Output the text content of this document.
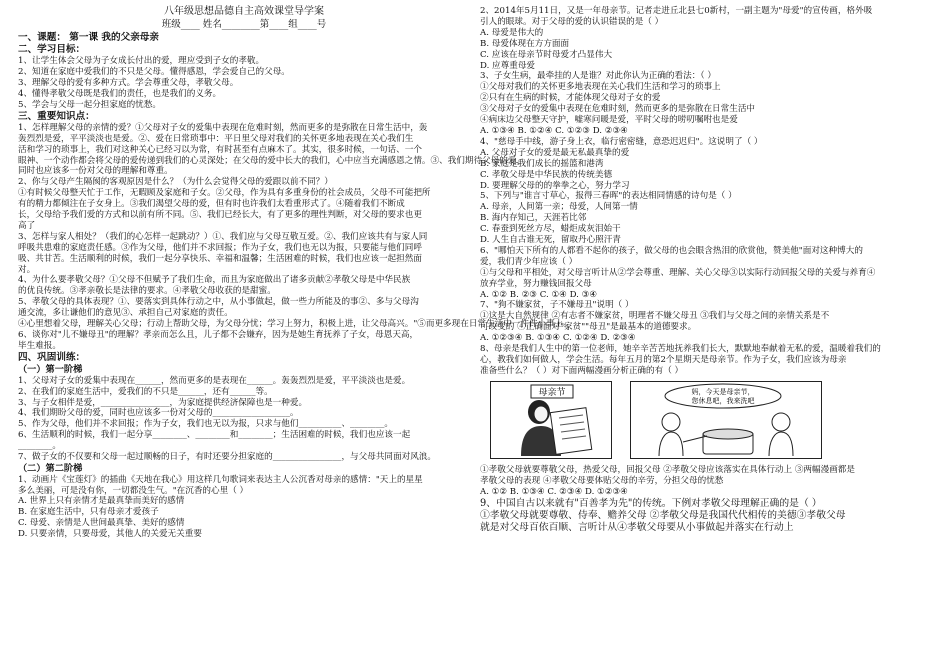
八年级思想品德自主高效课堂导学案
班级____ 姓名________第____组____号
一、课题： 第一课 我的父亲母亲
二、学习目标：
1、让学生体会父母为子女成长付出的爱，理应受到子女的孝敬。
2、知道在家庭中爱我们的不只是父母。懂得感恩，学会爱自己的父母。
3、理解父母的爱有多种方式。学会尊重父母，孝敬父母。
4、懂得孝敬父母既是我们的责任，也是我们的义务。
5、学会与父母一起分担家庭的忧愁。
三、重要知识点：
1、怎样理解父母的亲情的爱？①父母对子女的爱集中表现在危难时刻，然而更多的是弥散在日常生活中，轰
轰烈烈是爱，平平淡淡也是爱。②、爱在日常琐事中：平日里父母对我们的关怀更多地表现在关心我们生
活和学习的琐事上，我们对这种关心已经习以为常，有时甚至有点麻木了。其实，很多时候，一句话、一个
眼神、一个动作都会将父母的爱传递到我们的心灵深处；在父母的爱中长大的我们，心中应当充满感恩之情。③、我们期待父母的爱，
同时也应该多一份对父母的理解和尊重。
2、你与父母产生隔阂的客观原因是什么？（为什么会觉得父母的爱跟以前不同？）
①有时候父母整天忙于工作，无暇顾及家庭和子女。②父母，作为具有多重身份的社会成员，父母不可能把所
有的精力都倾注在子女身上。③我们渴望父母的爱，但有时也许我们太看重形式了。④随着我们不断成
长，父母给予我们爱的方式和以前有所不同。⑤、我们已经长大，有了更多的理性判断，对父母的要求也更
高了
3、怎样与家人相处？（我们的心怎样一起跳动？）①、我们应与父母互敬互爱。②、我们应该共有与家人同
呼吸共患难的家庭责任感。③作为父母，他们并不求回报；作为子女，我们也无以为报，只要能与他们同呼
吸、共甘苦。生活顺利的时候，我们一起分享快乐、幸福和温馨；生活困难的时候，我们也应该一起担然面
对。
4、为什么要孝敬父母？①父母不但赋予了我们生命，而且为家庭做出了诸多贡献②孝敬父母是中华民族
的优良传统。③孝亲敬长是法律的要求。④孝敬父母收获的是甜蜜。
5、孝敬父母的具体表现？①、要落实到具体行动之中，从小事做起，做一些力所能及的事②、多与父母沟
通交流，多让谦他们的意见③、承担自己对家庭的责任。
④心里想着父母，理解关心父母；行动上帮助父母，为父母分忧；学习上努力，积极上进，让父母高兴。"⑤而更多现在日常生活中一件件小事上。
6、谈你对"儿不嫌母丑"的理解？孝亲而怎么且，儿子都不会嫌弃，因为是她生育抚养了子女，母恩天高，
毕生难报。
四、巩固训练：
（一）第一阶梯
1、父母对子女的爱集中表现在______，然而更多的是表现在______。轰轰烈烈是爱，平平淡淡也是爱。
2、在我们的家庭生活中，爱我们的不只是______，还有______等。
3、与子女相伴是爱，________________，为家庭提供经济保障也是一种爱。
4、我们期盼父母的爱，同时也应该多一份对父母的__________________。
5、作为父母，他们并不求回报；作为子女，我们也无以为报，只求与他们__________、________。
6、生活顺利的时候，我们一起分享________、________和________；生活困难的时候，我们也应该一起
________。
7、做子女的不仅要和父母一起过顺畅的日子，有时还要分担家庭的________________，与父母共同面对风浪。
（二）第二阶梯
1、动画片《宝莲灯》的插曲《天地在我心》用这样几句歌词来表达主人公沉香对母亲的感情："天上的星星
多么美丽，可是没有你，一切都没生气。"在沉香的心里（ ）
A. 世界上只有亲情才是最真挚而美好的感情
B. 在家庭生活中，只有母亲才爱孩子
C. 母爱、亲情是人世间最真挚、美好的感情
D. 只要亲情，只要母爱，其他人的关爱无关重要
2、2014年5月11日，又是一年母亲节。记者走进丘北县七0新村，一副主题为"母爱"的宣传画，格外吸
引人的眼球。对于父母的爱的认识错误的是（ ）
A. 母爱是伟大的
B. 母爱体现在方方面面
C. 应该在母亲节时母爱才凸显伟大
D. 应尊重母爱
3、子女生病，最牵挂的人是谁？对此你认为正确的看法：（ ）
①父母对我们的关怀更多地表现在关心我们生活和学习的琐事上
②只有在生病的时候，才能体现父母对子女的爱
③父母对子女的爱集中表现在危难时刻，然而更多的是弥散在日常生活中
④病床边父母整天守护，嘘寒问暖是爱，平时父母的唠叨嘱咐也是爱
A. ①③④ B. ①②④ C. ①②③ D. ②③④
4、"慈母手中线，游子身上衣，临行密密缝，意恐迟迟归"。这说明了（ ）
A. 父母对子女的爱是最无私最真挚的爱
B. 家庭是我们成长的摇篮和港湾
C. 孝敬父母是中华民族的传统美德
D. 要理解父母的的拳拳之心，努力学习
5、下列与"谁言寸草心，报得三春晖"的表达相同情感的诗句是（ ）
A. 母亲，人间第一亲；母爱，人间第一情
B. 海内存知己，天涯若比邻
C. 春蚕到死丝方尽，蜡炬成灰泪始干
D. 人生自古谁无死，留取丹心照汗青
6、"哪怕天下所有的人都看不起你的孩子，做父母的也会眼含热泪的欣赏他，赞美他"面对这种博大的
爱，我们青少年应该（ ）
①与父母和平相处，对父母言听计从②学会尊重、理解、关心父母③以实际行动回报父母的关爱与养育④
放弃学业，努力赚钱回报父母
A. ①② B. ②③ C. ①④ D. ③④
7、"狗不嫌家贫，子不嫌母丑"说明（ ）
①这是大自然规律 ②有志者不嫌家贫，明理者不嫌父母丑 ③我们与父母之间的亲情关系是不
可改变的 ④正确面对"家贫""母丑"是最基本的道德要求。
A. ①②③④ B. ①③④ C. ①②④ D. ②③④
8、母亲是我们人生中的第一位老师，她辛辛苦苦地抚养我们长大，默默地奉献着无私的爱，温暖着我们的
心，教我们如何做人，学会生活。每年五月的第2个星期天是母亲节。作为子女，我们应该为母亲
准备些什么？（ ）对下面两幅漫画分析正确的有（ ）
母亲节	妈，今天是母亲节，
您休息吧，我来洗吧
①孝敬父母就要尊敬父母，热爱父母，回报父母 ②孝敬父母应该落实在具体行动上 ③两幅漫画都是
孝敬父母的表现 ④孝敬父母要体贴父母的辛劳，分担父母的忧愁
A. ①② B. ①③④ C. ②③④ D. ①②③④
9、中国自古以来就有"百善孝为先"的传统。下例对孝敬父母理解正确的是（ ）
①孝敬父母就要尊敬、侍奉、赡养父母 ②孝敬父母是我国代代相传的美德③孝敬父母
就是对父母百依百顺、言听计从④孝敬父母要从小事做起并落实在行动上
